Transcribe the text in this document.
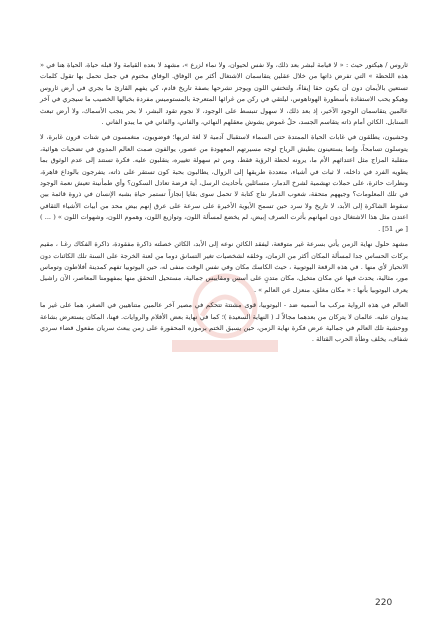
ثاروس / هيكتور حيث : « لا قيامة لبشر بعد ذلك، ولا نفس لحيوان، ولا نماء لزرع »، مشهد لا بعده القيامة ولا قبله حياة، الحياة هنا في « هذه اللحظة » التي تفرض ذاتها من خلال عقلين يتقاسمان الاشتغال أكثر من الوفاق. الوفاق مختوم في جمل تحمل بها تقول كلمات تستعين بالأيمان دون أن يكون حقا إيفاءً، ولتختفي اللون ويوجز تشرحها بصفة تاريخ قادم، كي يفهم القارئ ما يجري في أرض ثاروس وهيكو يحب الاستفادة بأسطورة الهوتاهوس، ليلتقي في ركن من غرائها المتعرجة بالمستوميس مفردة بخيالها الخصيب ما سيجري في آخر عالمين يتقاسمان الوجود الآخير، إذ بعد ذلك، لا سهول تنبسط على الوجود، لا نجوم تقود البشر، لا بحر ينجب الأسماك، ولا أرض تبعث السنابل. الكائن أمام ذاته يتقاسم الجسد، حلٌ غموض يشوش معقلهم النهائي، والفاني، والفاني في ما يبدو الفاني .

وحشيون، يطلقون في غابات الحياة الممتدة حتى السماء لاستقبال آدمية لا لغة لتربها؛ فوضويون، منغمسون في شتات قرون غابرة، لا يتوسلون تسامحاً، وإنما يستعينون بطيش الرياح لوجه مسيرتهم المعهودة من عصور، يوالفون صمت العالم المدوي في تضحيات هوائية، متقلبة المزاج مثل اعتدائهم الأم ما، يرونه لحظة الرؤية فقط، ومن ثم سهولة تغييره، ينقلبون عليه. فكرة تستند إلى عدم الوثوق بما يطويه الفرد في داخله، لا ثبات في أشياء، متعددة طريقها إلى الزوال، يطالبون بحبة كون تستقر على ذاته، يتفرجون بالوداع قاهرة، ونظرات حائرة، على حملات تهشمية لشرخ الدمار، متسائلين بأحاديث الرسل، أية فرضة تعادل السكون؟ وأي طمأنينة تعيش نعمة الوجود في تلك المعلومات؟ وجيههم متحفة، شعوب الدمار نتاج كتابة لا تحمل سوى بقايا إنجازاً تستمر حياة بشبه الإنسان في ذروة قائمة بين سقوط الشاكرة إلى الأبد، لا تاريخ ولا سرد حين تسمح الأيوية الأخيرة على سرعة على عرق إنهم بيض محد من أبيات الأشياء الثقافي اعتدن مثل هذا الاشتغال دون امهانهم بأثرت الصرف إبيض، لم يخضع لمسألة اللون، وتوازيع اللون، وهموم اللون، وشهوات اللون » ( ... ) [ ص 51] .

مشهد حلول نهاية الزمن يأتي بسرعة غير متوقعة، ليفقد الكائن نوعه إلى الأبد، الكائن خصلته ذاكرة مفقودة، ذاكرة الفكاك رغـا ، مقيم بركات الحساس جدا لمسألة المكان أكثر من الزمان، وخلقه لشخصيات تغير التسانق دوما من لعنة الخرجة على السنة تلك الكائنات دون الانحياز لأي منها . في هذه الرقعة اليوتوبية ، حيث الكاسك مكان وفي نفس الوقت منفى له، حين اليوتوبيا تفهم كمدينة أفلاطون وتوماس مور، مثالية، يحدث فيها عن مكان متخيل، مكان متدنٍ على أسس ومقاييس جمالية، مستحيل التحقق منها بمفهومنا المعاصر، الآن راشيل يعرف اليوتوبيا بأنها : « مكان مغلق، منعزل عن العالم » .

العالم في هذه الرواية مركب ما أسميه ضد - اليوتوبيا، قوى مشتتة تتحكم في مصير آخر عالمين متناهيين في الصغر، هما على غير ما يبدوان عليه. عالمان لا يتركان من بعدهما مجالاً لـ ( النهاية السعيدة )؛ كما في نهاية بعض الأفلام والروايات. فهنا، المكان يستعرض بشاعة ووحشية تلك العالم في جمالية عرض فكرة نهاية الزمن، حين يسبق الختم برموزه المحفورة على زمن يبعث سريان مفعول فضاء سردي شفاف، يخلف وطأة الحرب القتالة .

220
